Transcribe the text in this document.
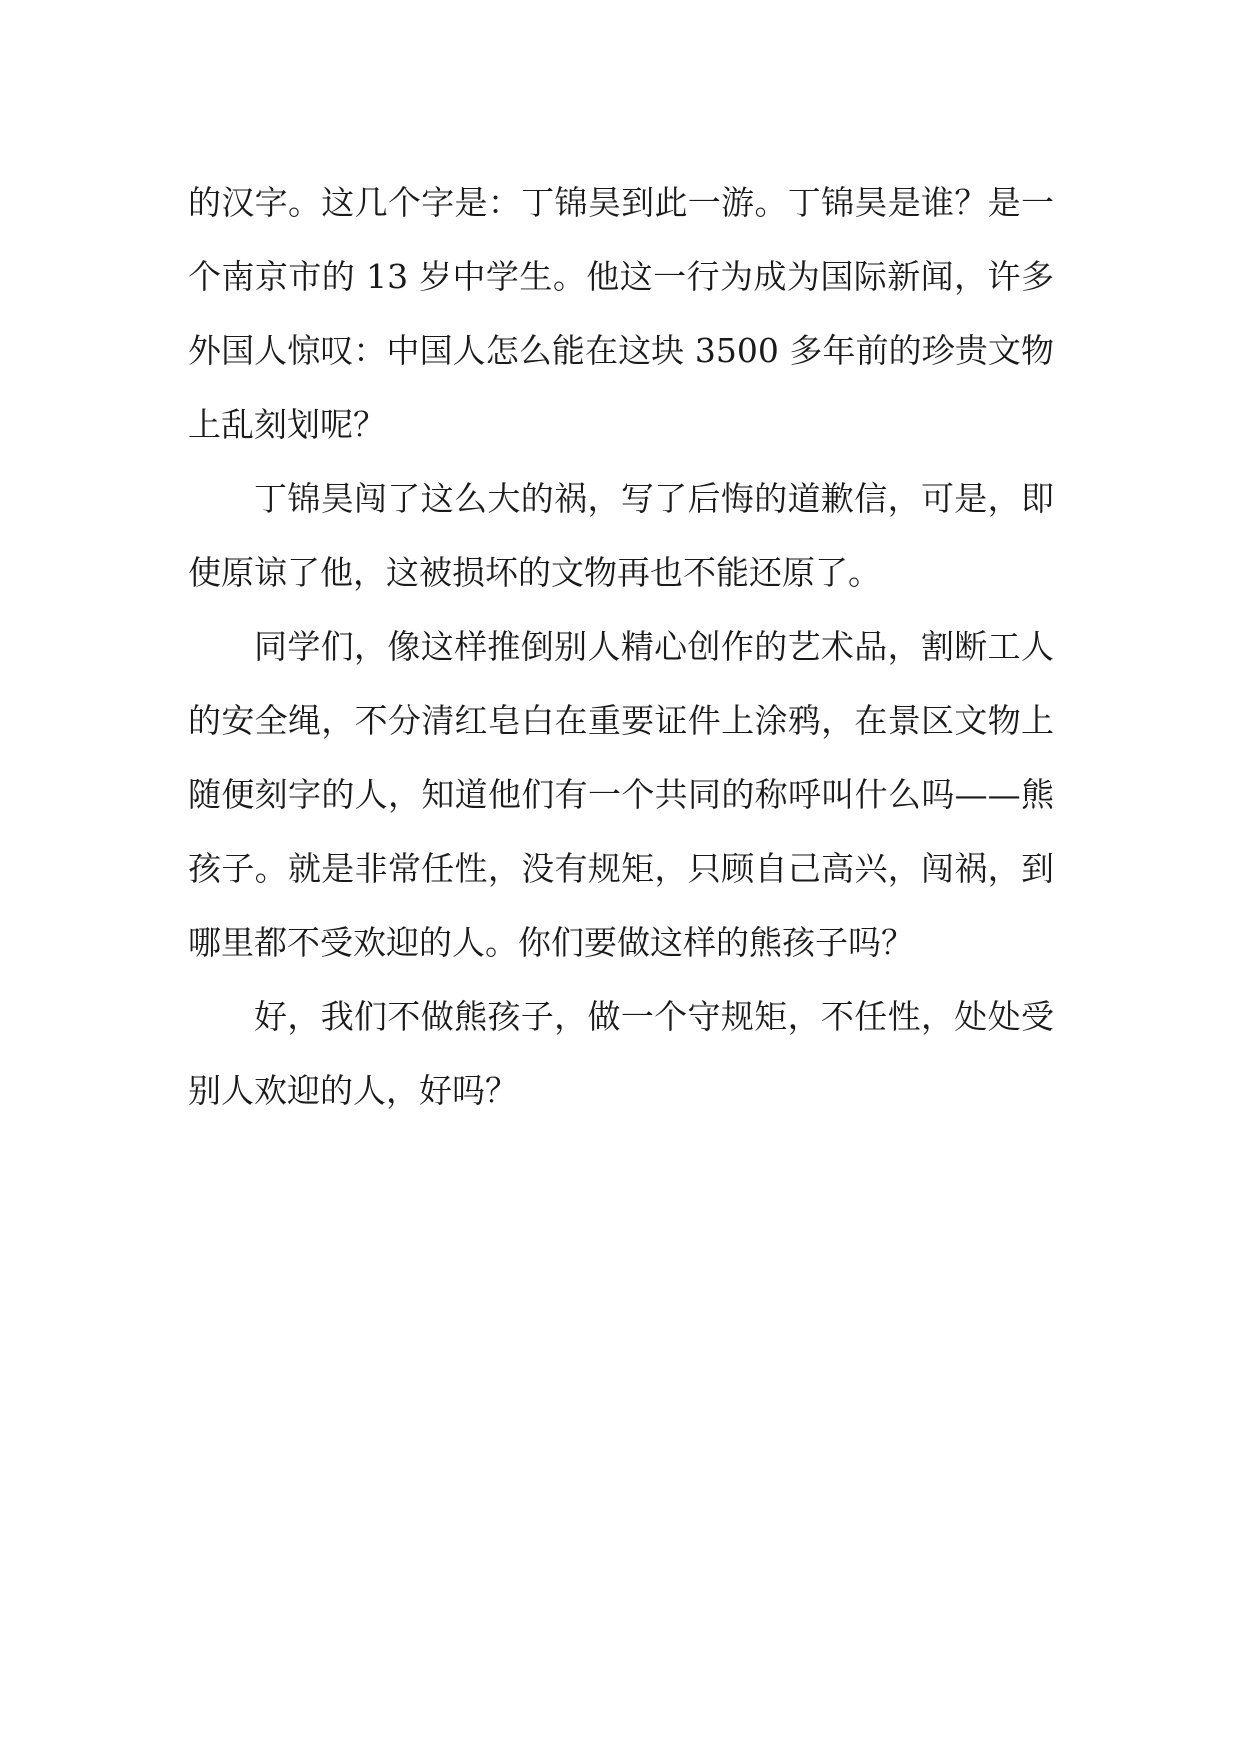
的汉字。这几个字是：丁锦昊到此一游。丁锦昊是谁？是一个南京市的 13 岁中学生。他这一行为成为国际新闻，许多外国人惊叹：中国人怎么能在这块 3500 多年前的珍贵文物上乱刻划呢？

丁锦昊闯了这么大的祸，写了后悔的道歉信，可是，即使原谅了他，这被损坏的文物再也不能还原了。

同学们，像这样推倒别人精心创作的艺术品，割断工人的安全绳，不分清红皂白在重要证件上涂鸦，在景区文物上随便刻字的人，知道他们有一个共同的称呼叫什么吗——熊孩子。就是非常任性，没有规矩，只顾自己高兴，闯祸，到哪里都不受欢迎的人。你们要做这样的熊孩子吗？

好，我们不做熊孩子，做一个守规矩，不任性，处处受别人欢迎的人，好吗？
